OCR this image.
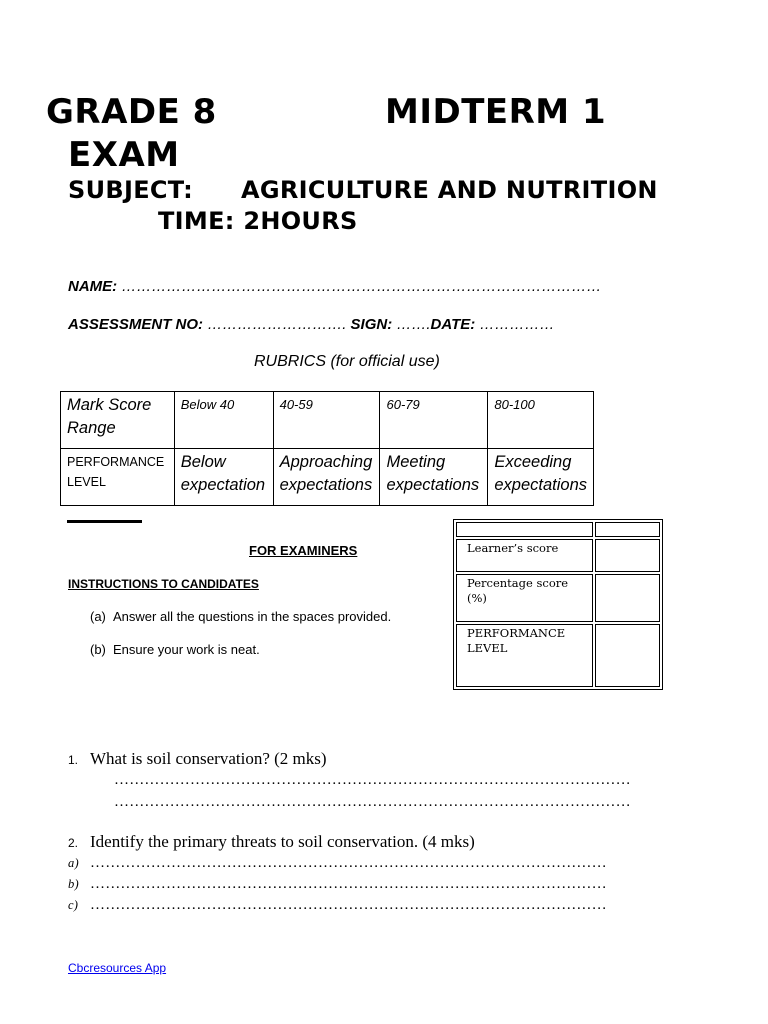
GRADE 8	MIDTERM 1
EXAM
SUBJECT: AGRICULTURE AND NUTRITION
TIME: 2HOURS
NAME: ……………………………………………………………………………………
ASSESSMENT NO: ………………………. SIGN: …….DATE: ……………
RUBRICS (for official use)
Mark Score Range	Below 40	40-59	60-79	80-100
PERFORMANCE LEVEL	Below expectation	Approaching expectations	Meeting expectations	Exceeding expectations
FOR EXAMINERS
INSTRUCTIONS TO CANDIDATES
(a) Answer all the questions in the spaces provided.
(b) Ensure your work is neat.

Learner’s score	
Percentage score (%)	
PERFORMANCE LEVEL	
1. What is soil conservation? (2 mks)
…………………………………………………………………………………………
…………………………………………………………………………………………
2. Identify the primary threats to soil conservation. (4 mks)
a) …………………………………………………………………………………………
b) …………………………………………………………………………………………
c) …………………………………………………………………………………………
Cbcresources App
